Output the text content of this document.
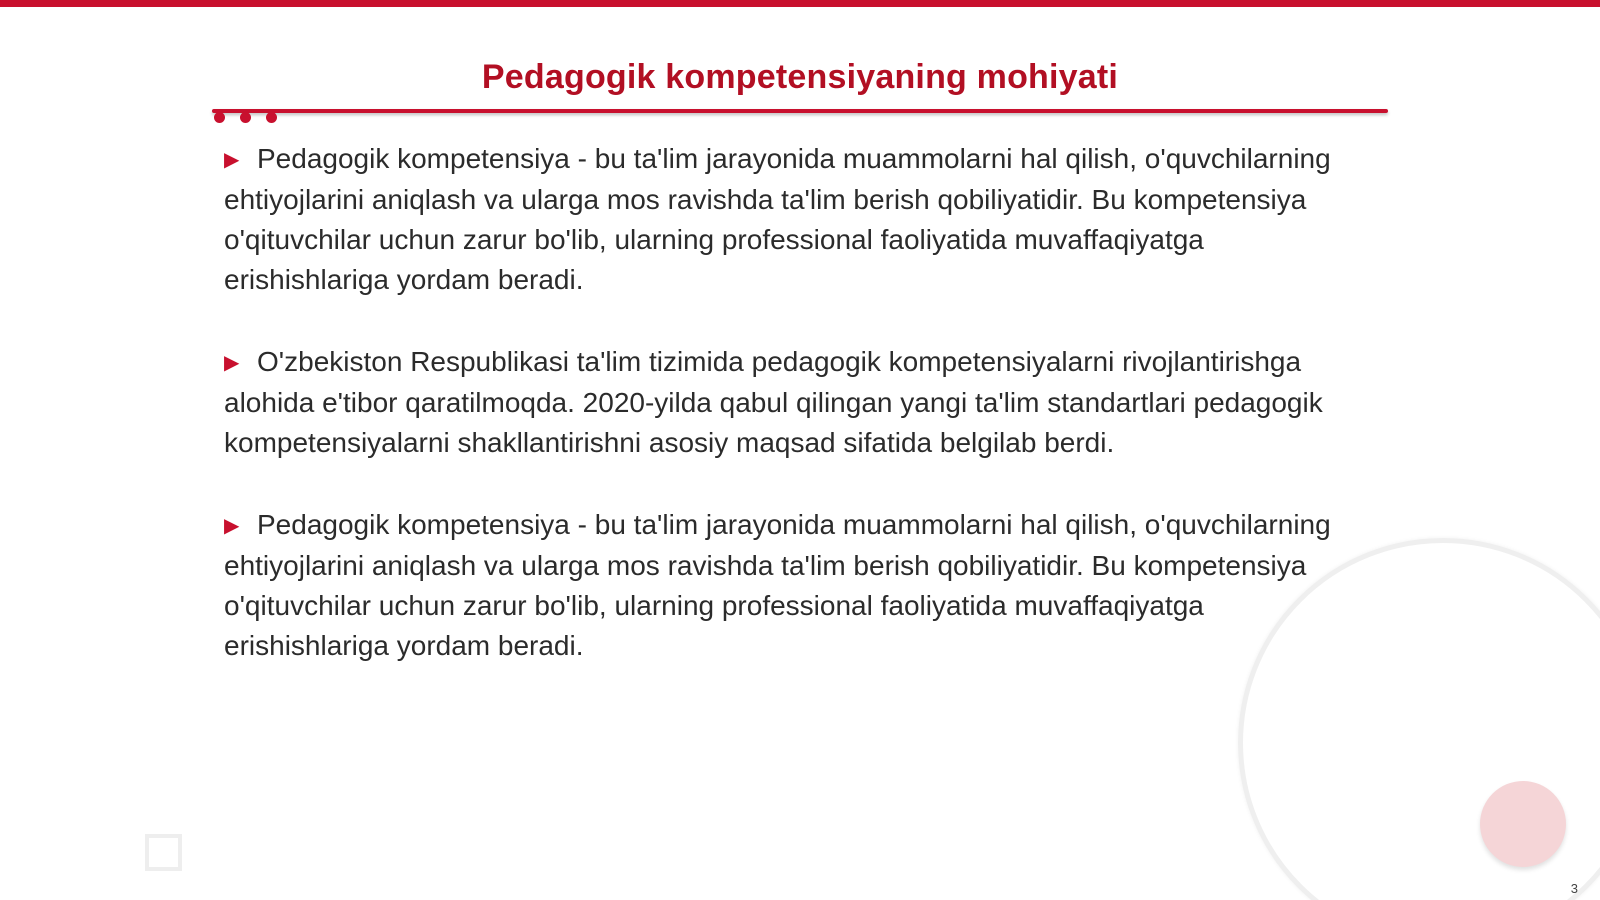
Pedagogik kompetensiyaning mohiyati

▶ Pedagogik kompetensiya - bu ta'lim jarayonida muammolarni hal qilish, o'quvchilarning ehtiyojlarini aniqlash va ularga mos ravishda ta'lim berish qobiliyatidir. Bu kompetensiya o'qituvchilar uchun zarur bo'lib, ularning professional faoliyatida muvaffaqiyatga erishishlariga yordam beradi.

▶ O'zbekiston Respublikasi ta'lim tizimida pedagogik kompetensiyalarni rivojlantirishga alohida e'tibor qaratilmoqda. 2020-yilda qabul qilingan yangi ta'lim standartlari pedagogik kompetensiyalarni shakllantirishni asosiy maqsad sifatida belgilab berdi.

▶ Pedagogik kompetensiya - bu ta'lim jarayonida muammolarni hal qilish, o'quvchilarning ehtiyojlarini aniqlash va ularga mos ravishda ta'lim berish qobiliyatidir. Bu kompetensiya o'qituvchilar uchun zarur bo'lib, ularning professional faoliyatida muvaffaqiyatga erishishlariga yordam beradi.

3
